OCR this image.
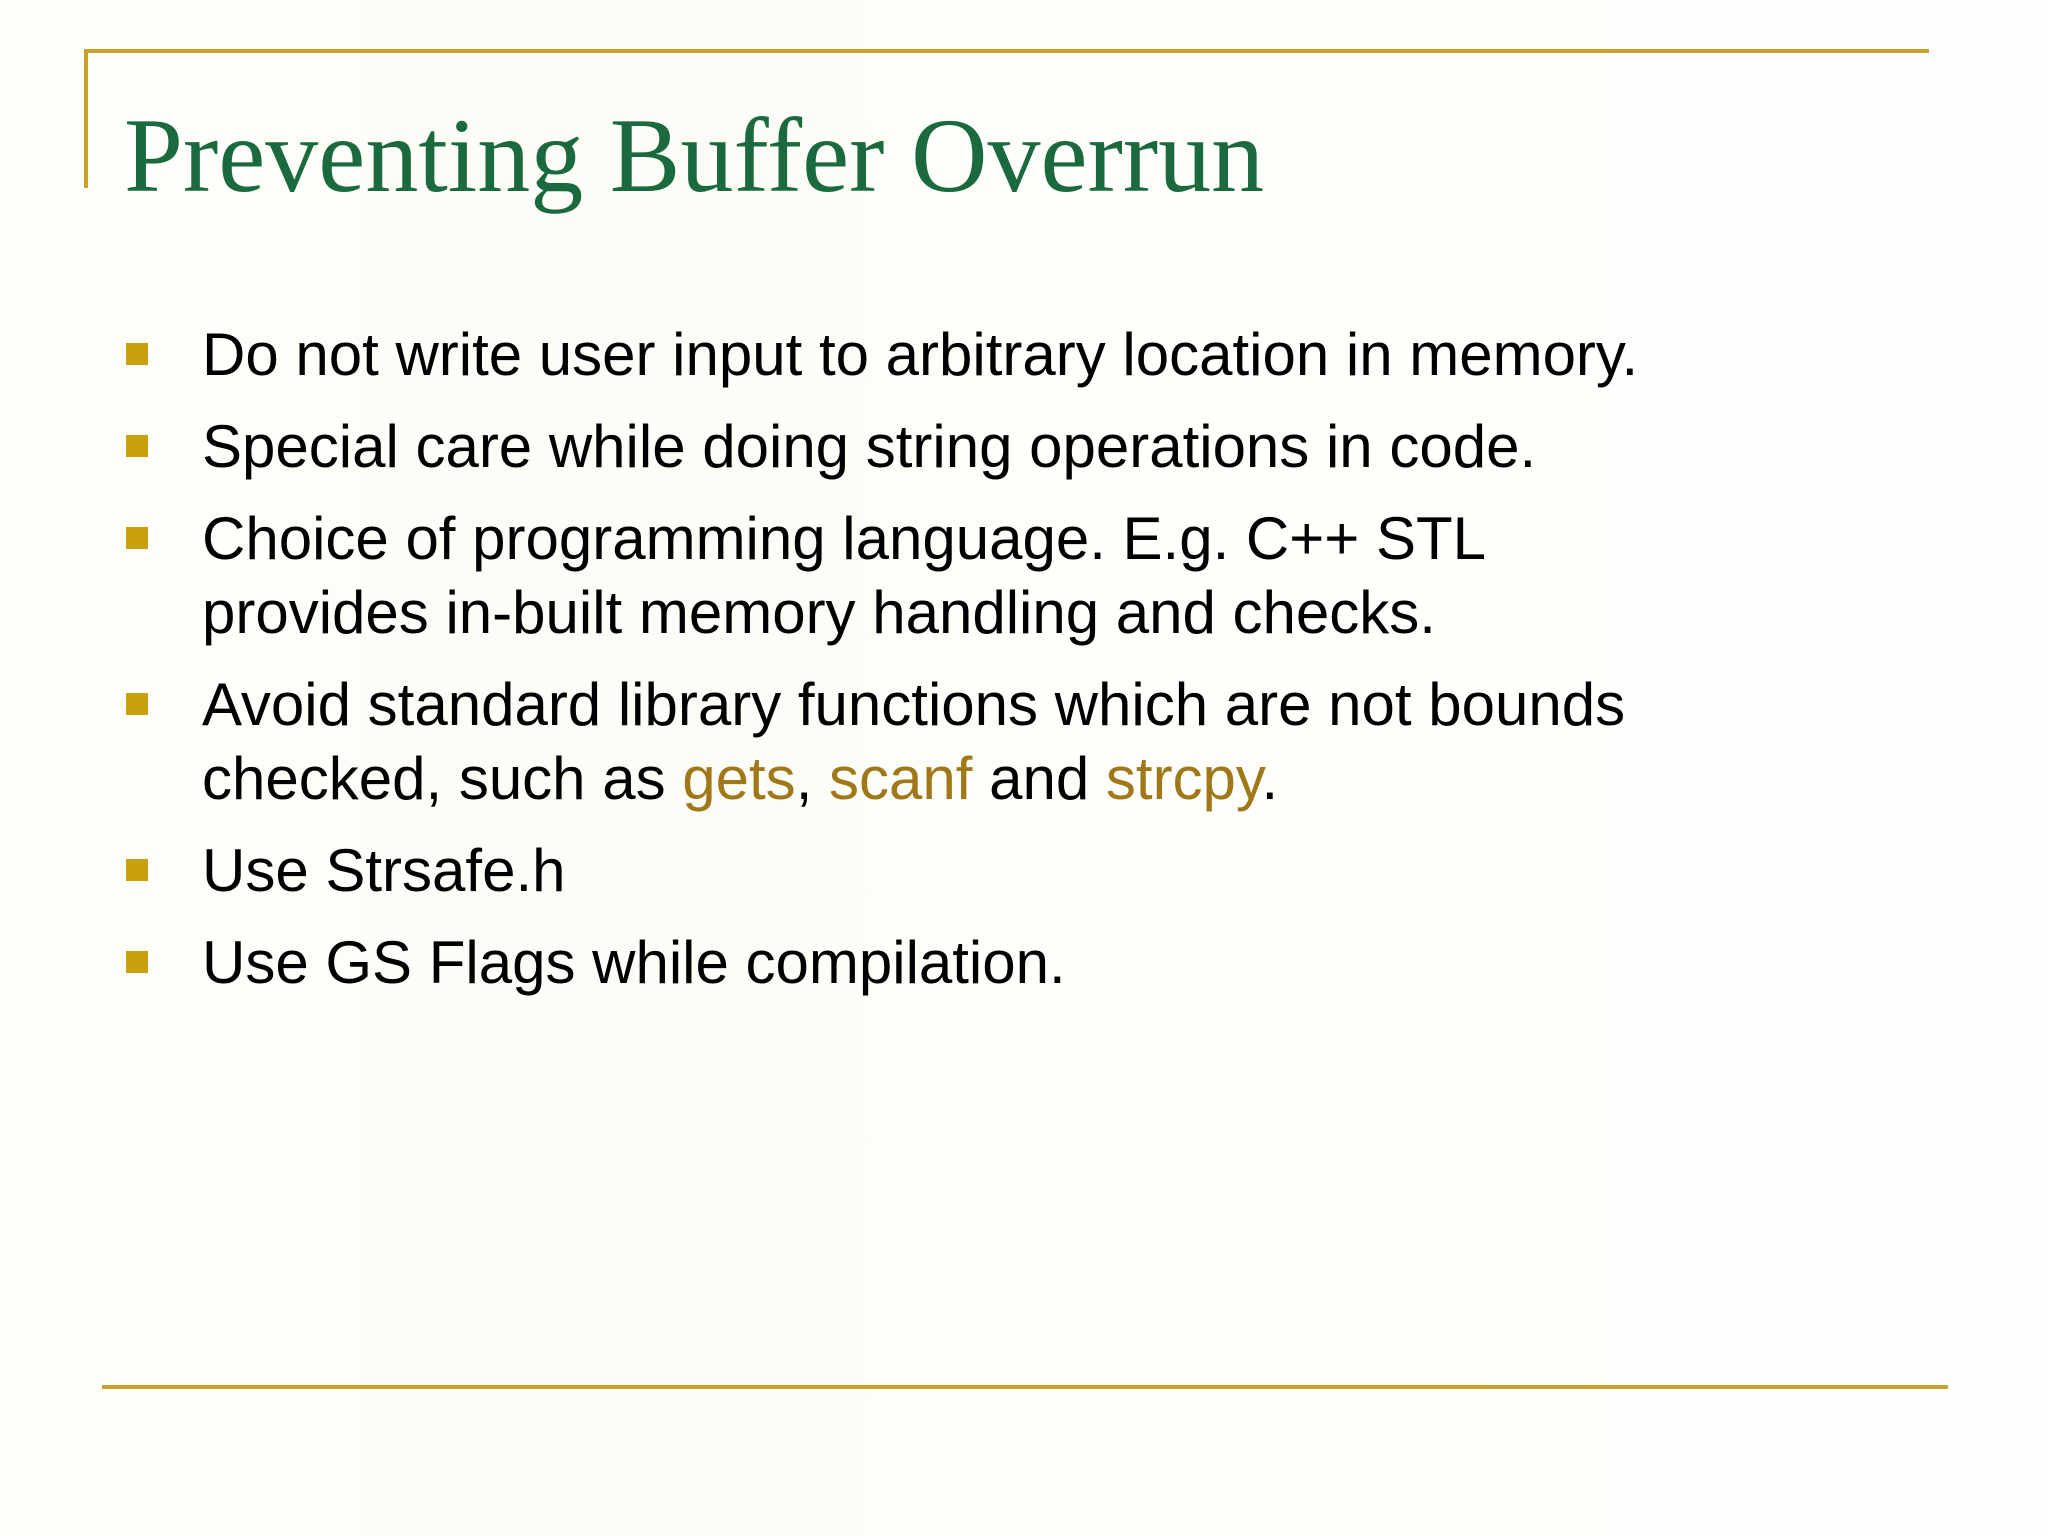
Preventing Buffer Overrun
Do not write user input to arbitrary location in memory.
Special care while doing string operations in code.
Choice of programming language. E.g. C++ STL
provides in-built memory handling and checks.
Avoid standard library functions which are not bounds
checked, such as gets, scanf and strcpy.
Use Strsafe.h
Use GS Flags while compilation.
